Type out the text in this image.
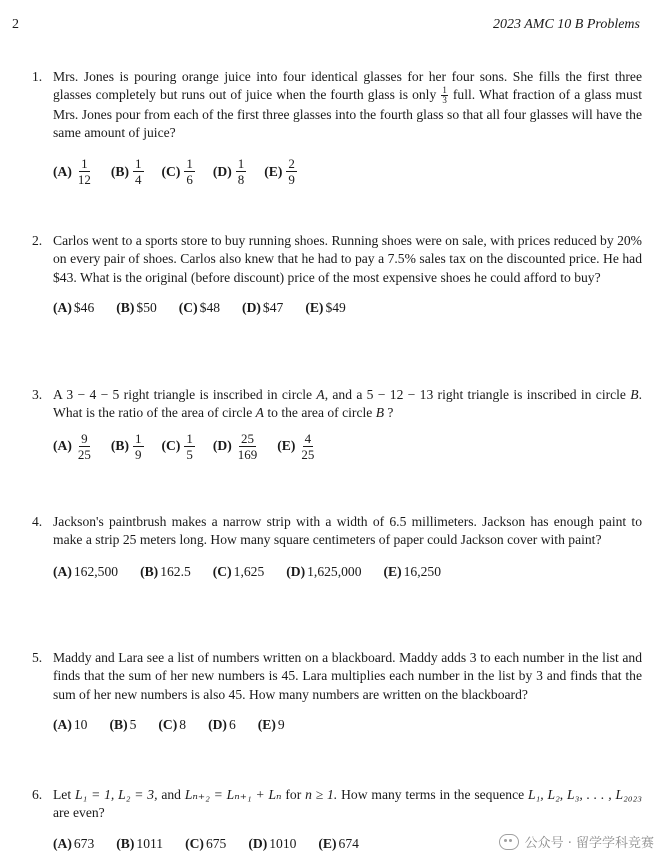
2	2023 AMC 10 B Problems
1. Mrs. Jones is pouring orange juice into four identical glasses for her four sons. She fills the first three glasses completely but runs out of juice when the fourth glass is only $\frac{1}{3}$ full. What fraction of a glass must Mrs. Jones pour from each of the first three glasses into the fourth glass so that all four glasses will have the same amount of juice?
$(A) \frac{1}{12} (B) \frac{1}{4} (C) \frac{1}{6} (D) \frac{1}{8} (E) \frac{2}{9}$
2. Carlos went to a sports store to buy running shoes. Running shoes were on sale, with prices reduced by 20% on every pair of shoes. Carlos also knew that he had to pay a 7.5% sales tax on the discounted price. He had $43. What is the original (before discount) price of the most expensive shoes he could afford to buy?
(A) $46 (B) $50 (C) $48 (D) $47 (E) $49
3. A 3 − 4 − 5 right triangle is inscribed in circle A, and a 5 − 12 − 13 right triangle is inscribed in circle B. What is the ratio of the area of circle A to the area of circle B ?
$(A) \frac{9}{25} (B) \frac{1}{9} (C) \frac{1}{5} (D) \frac{25}{169} (E) \frac{4}{25}$
4. Jackson's paintbrush makes a narrow strip with a width of 6.5 millimeters. Jackson has enough paint to make a strip 25 meters long. How many square centimeters of paper could Jackson cover with paint?
(A) 162,500 (B) 162.5 (C) 1,625 (D) 1,625,000 (E) 16,250
5. Maddy and Lara see a list of numbers written on a blackboard. Maddy adds 3 to each number in the list and finds that the sum of her new numbers is 45. Lara multiplies each number in the list by 3 and finds that the sum of her new numbers is also 45. How many numbers are written on the blackboard?
(A) 10 (B) 5 (C) 8 (D) 6 (E) 9
6. Let L₁ = 1, L₂ = 3, and Lₙ₊₂ = Lₙ₊₁ + Lₙ for n ≥ 1. How many terms in the sequence L₁, L₂, L₃, . . . , L₂₀₂₃ are even?
(A) 673 (B) 1011 (C) 675 (D) 1010 (E) 674	公众号 · 留学学科竞赛
